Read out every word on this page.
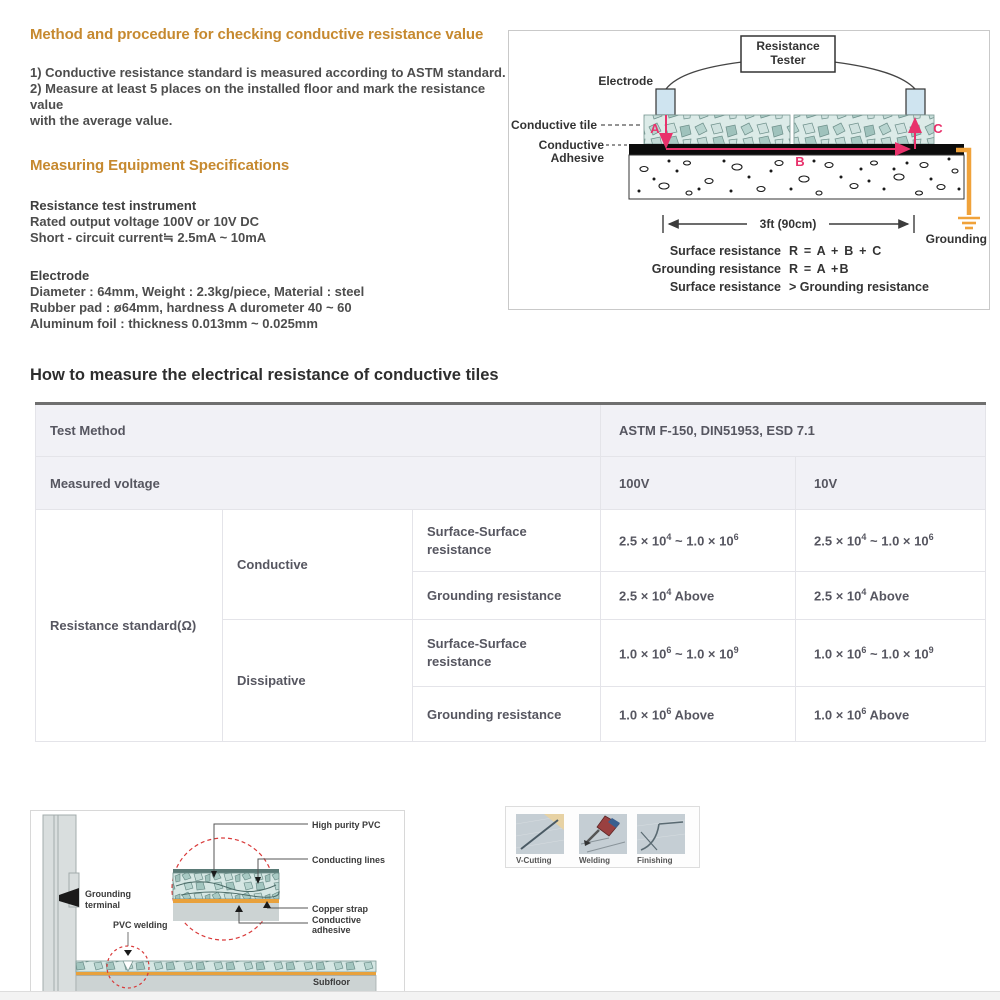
Method and procedure for checking conductive resistance value
1) Conductive resistance standard is measured according to ASTM standard.
2) Measure at least 5 places on the installed floor and mark the resistance value
with the average value.
Measuring Equipment Specifications
Resistance test instrument
Rated output voltage 100V or 10V DC
Short - circuit current≒ 2.5mA ~ 10mA
Electrode
Diameter : 64mm, Weight : 2.3kg/piece, Material : steel
Rubber pad : ø64mm, hardness A durometer 40 ~ 60
Aluminum foil : thickness 0.013mm ~ 0.025mm
Resistance
Tester
Electrode
Conductive tile
Conductive
Adhesive
A
B
C
Grounding
3ft (90cm)
Surface resistance R = A + B + C
Grounding resistance R = A +B
Surface resistance > Grounding resistance
How to measure the electrical resistance of conductive tiles
Test Method			ASTM F-150, DIN51953, ESD 7.1	
Measured voltage			100V	10V
Resistance standard(Ω)	Conductive	Surface-Surface
resistance	$2.5 \times 10^4$ ~ $1.0 \times 10^6$	$2.5 \times 10^4$ ~ $1.0 \times 10^6$
		Grounding resistance	$2.5 \times 10^4$ Above	$2.5 \times 10^4$ Above
	Dissipative	Surface-Surface
resistance	$1.0 \times 10^6$ ~ $1.0 \times 10^9$	$1.0 \times 10^6$ ~ $1.0 \times 10^9$
		Grounding resistance	$1.0 \times 10^6$ Above	$1.0 \times 10^6$ Above
Grounding
terminal
Subfloor
PVC welding
High purity PVC
Conducting lines
Copper strap
Conductive
adhesive
V-Cutting	Welding	Finishing
